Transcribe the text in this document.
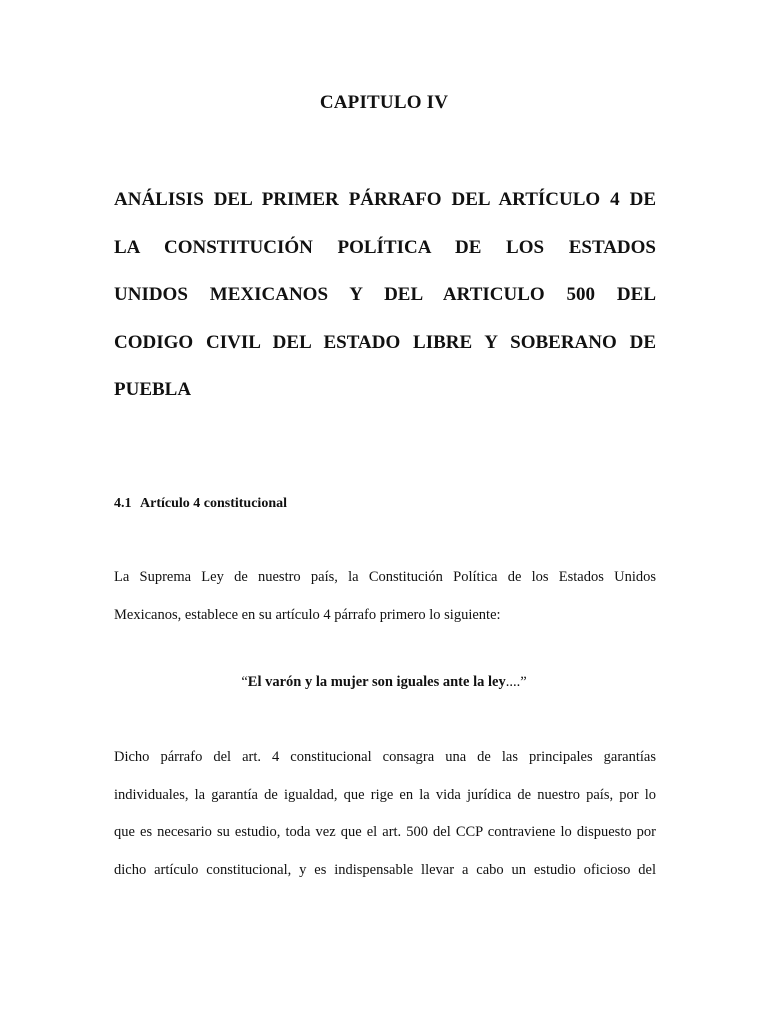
CAPITULO IV
ANÁLISIS DEL PRIMER PÁRRAFO DEL ARTÍCULO 4 DE
LA CONSTITUCIÓN POLÍTICA DE LOS ESTADOS
UNIDOS MEXICANOS Y DEL ARTICULO 500 DEL
CODIGO CIVIL DEL ESTADO LIBRE Y SOBERANO DE
PUEBLA
4.1 Artículo 4 constitucional
La Suprema Ley de nuestro país, la Constitución Política de los Estados Unidos
Mexicanos, establece en su artículo 4 párrafo primero lo siguiente:
“El varón y la mujer son iguales ante la ley....”
Dicho párrafo del art. 4 constitucional consagra una de las principales garantías
individuales, la garantía de igualdad, que rige en la vida jurídica de nuestro país, por lo
que es necesario su estudio, toda vez que el art. 500 del CCP contraviene lo dispuesto por
dicho artículo constitucional, y es indispensable llevar a cabo un estudio oficioso del
